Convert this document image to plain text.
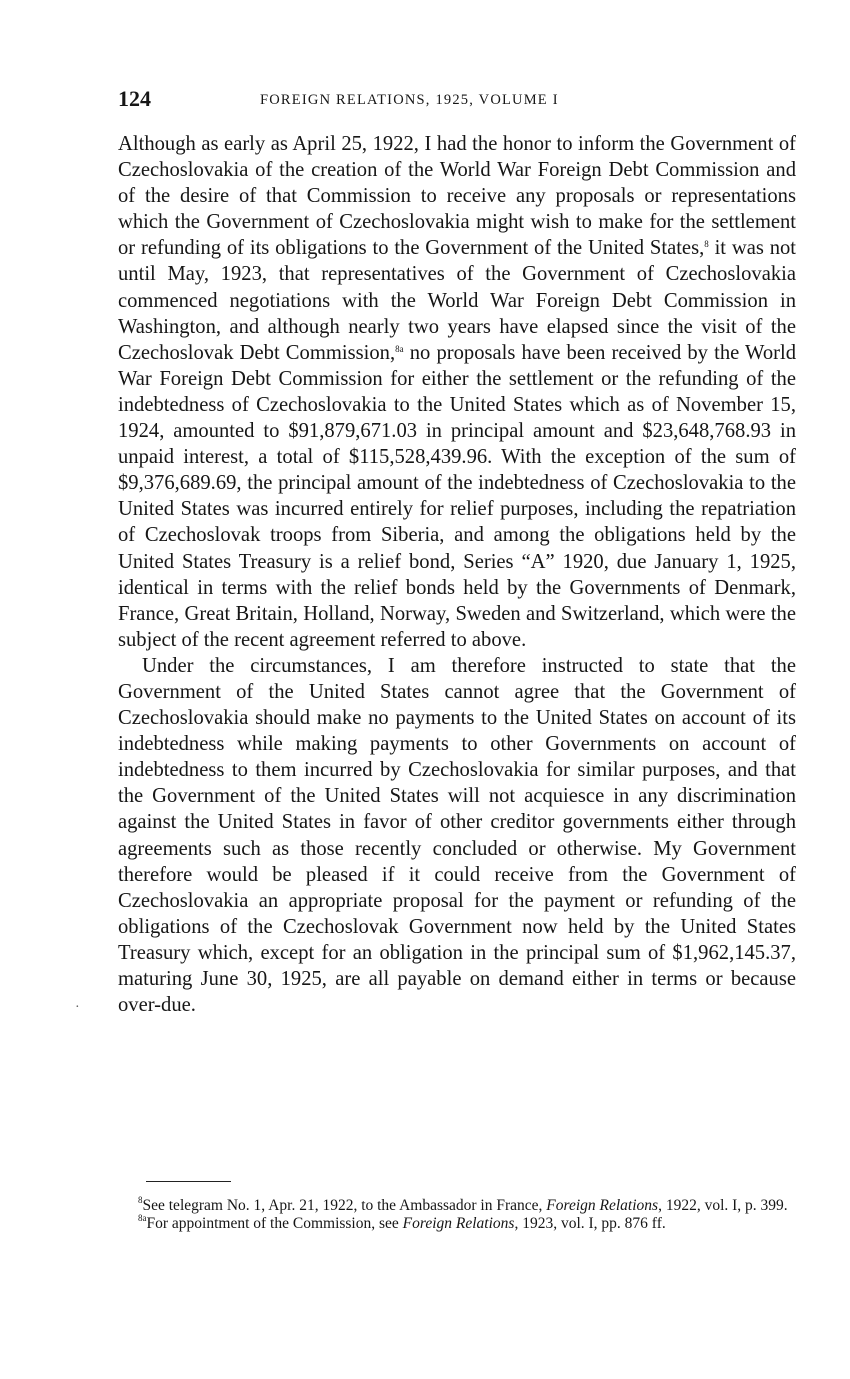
124	FOREIGN RELATIONS, 1925, VOLUME I

Although as early as April 25, 1922, I had the honor to inform the Government of Czechoslovakia of the creation of the World War Foreign Debt Commission and of the desire of that Commission to receive any proposals or representations which the Government of Czechoslovakia might wish to make for the settlement or refunding of its obligations to the Government of the United States,$^8$ it was not until May, 1923, that representatives of the Government of Czechoslovakia commenced negotiations with the World War Foreign Debt Commission in Washington, and although nearly two years have elapsed since the visit of the Czechoslovak Debt Commission,$^{8a}$ no proposals have been received by the World War Foreign Debt Commission for either the settlement or the refunding of the indebtedness of Czechoslovakia to the United States which as of November 15, 1924, amounted to $91,879,671.03 in principal amount and $23,648,768.93 in unpaid interest, a total of $115,528,439.96. With the exception of the sum of $9,376,689.69, the principal amount of the indebtedness of Czechoslovakia to the United States was incurred entirely for relief purposes, including the repatriation of Czechoslovak troops from Siberia, and among the obligations held by the United States Treasury is a relief bond, Series “A” 1920, due January 1, 1925, identical in terms with the relief bonds held by the Governments of Denmark, France, Great Britain, Holland, Norway, Sweden and Switzerland, which were the subject of the recent agreement referred to above.

Under the circumstances, I am therefore instructed to state that the Government of the United States cannot agree that the Government of Czechoslovakia should make no payments to the United States on account of its indebtedness while making payments to other Governments on account of indebtedness to them incurred by Czechoslovakia for similar purposes, and that the Government of the United States will not acquiesce in any discrimination against the United States in favor of other creditor governments either through agreements such as those recently concluded or otherwise. My Government therefore would be pleased if it could receive from the Government of Czechoslovakia an appropriate proposal for the payment or refunding of the obligations of the Czechoslovak Government now held by the United States Treasury which, except for an obligation in the principal sum of $1,962,145.37, maturing June 30, 1925, are all payable on demand either in terms or because over-due.

·

$^8$See telegram No. 1, Apr. 21, 1922, to the Ambassador in France, Foreign Relations, 1922, vol. I, p. 399.

$^{8a}$For appointment of the Commission, see Foreign Relations, 1923, vol. I, pp. 876 ff.
